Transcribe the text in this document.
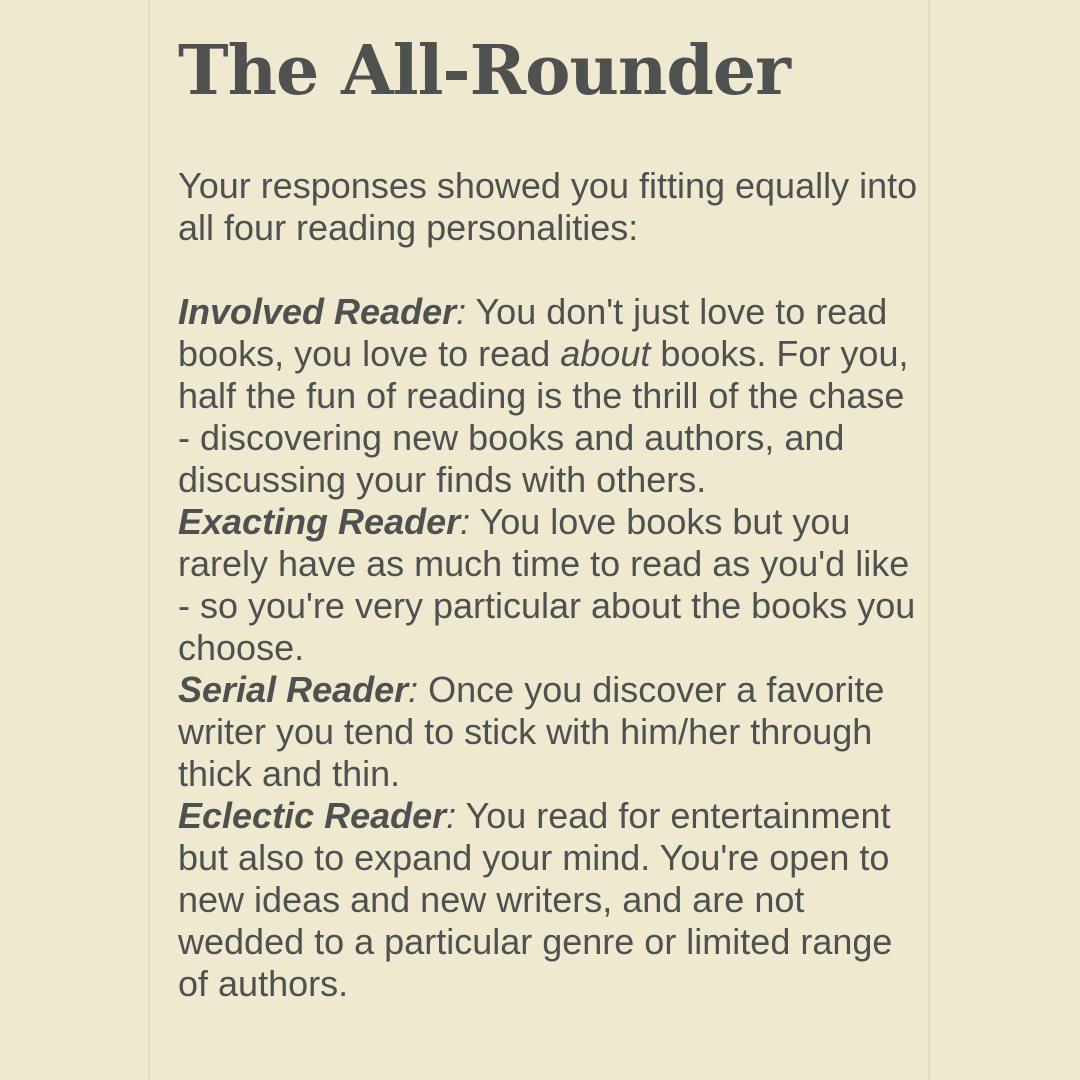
The All-Rounder

Your responses showed you fitting equally into all four reading personalities:

Involved Reader: You don't just love to read books, you love to read about books. For you, half the fun of reading is the thrill of the chase - discovering new books and authors, and discussing your finds with others.

Exacting Reader: You love books but you rarely have as much time to read as you'd like - so you're very particular about the books you choose.

Serial Reader: Once you discover a favorite writer you tend to stick with him/her through thick and thin.

Eclectic Reader: You read for entertainment but also to expand your mind. You're open to new ideas and new writers, and are not wedded to a particular genre or limited range of authors.
